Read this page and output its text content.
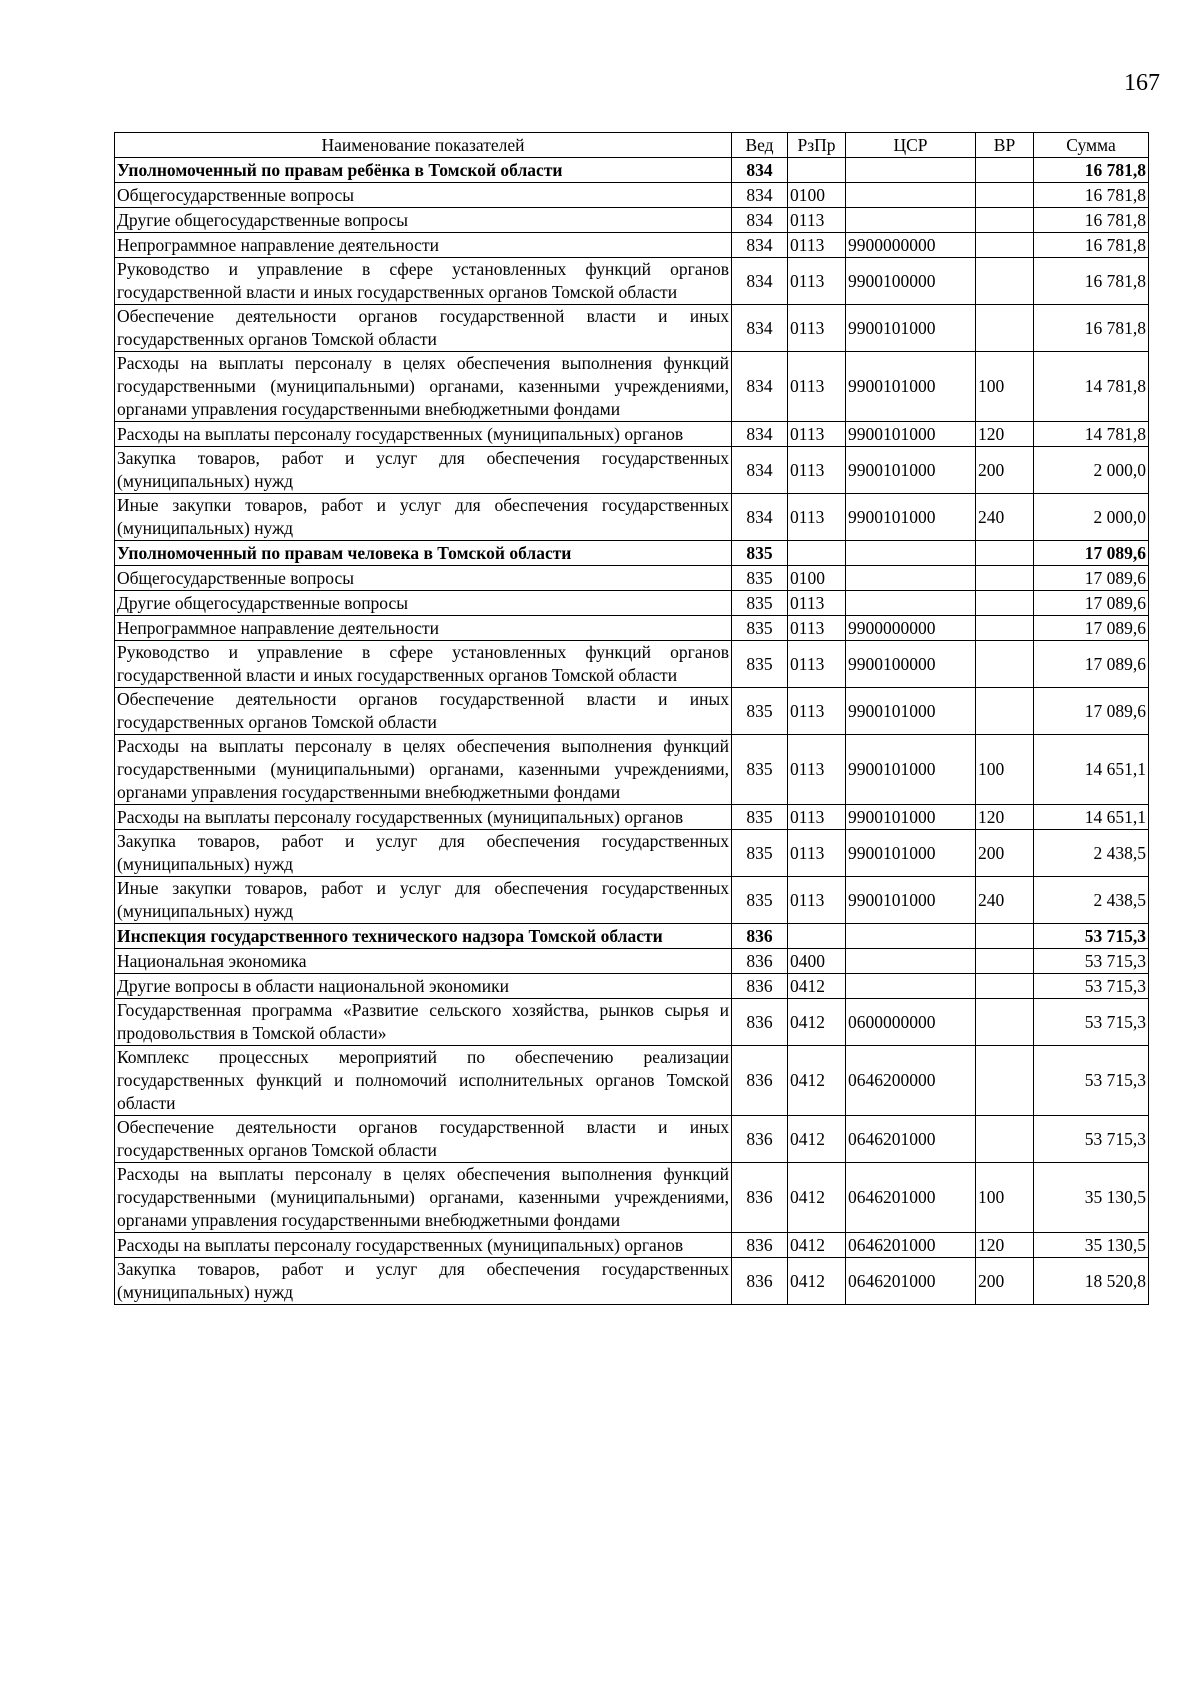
167
Наименование показателей	Вед	РзПр	ЦСР	ВР	Сумма
Уполномоченный по правам ребёнка в Томской области	834				16 781,8
Общегосударственные вопросы	834	0100			16 781,8
Другие общегосударственные вопросы	834	0113			16 781,8
Непрограммное направление деятельности	834	0113	9900000000		16 781,8
Руководство и управление в сфере установленных функций органов государственной власти и иных государственных органов Томской области	834	0113	9900100000		16 781,8
Обеспечение деятельности органов государственной власти и иных государственных органов Томской области	834	0113	9900101000		16 781,8
Расходы на выплаты персоналу в целях обеспечения выполнения функций государственными (муниципальными) органами, казенными учреждениями, органами управления государственными внебюджетными фондами	834	0113	9900101000	100	14 781,8
Расходы на выплаты персоналу государственных (муниципальных) органов	834	0113	9900101000	120	14 781,8
Закупка товаров, работ и услуг для обеспечения государственных (муниципальных) нужд	834	0113	9900101000	200	2 000,0
Иные закупки товаров, работ и услуг для обеспечения государственных (муниципальных) нужд	834	0113	9900101000	240	2 000,0
Уполномоченный по правам человека в Томской области	835				17 089,6
Общегосударственные вопросы	835	0100			17 089,6
Другие общегосударственные вопросы	835	0113			17 089,6
Непрограммное направление деятельности	835	0113	9900000000		17 089,6
Руководство и управление в сфере установленных функций органов государственной власти и иных государственных органов Томской области	835	0113	9900100000		17 089,6
Обеспечение деятельности органов государственной власти и иных государственных органов Томской области	835	0113	9900101000		17 089,6
Расходы на выплаты персоналу в целях обеспечения выполнения функций государственными (муниципальными) органами, казенными учреждениями, органами управления государственными внебюджетными фондами	835	0113	9900101000	100	14 651,1
Расходы на выплаты персоналу государственных (муниципальных) органов	835	0113	9900101000	120	14 651,1
Закупка товаров, работ и услуг для обеспечения государственных (муниципальных) нужд	835	0113	9900101000	200	2 438,5
Иные закупки товаров, работ и услуг для обеспечения государственных (муниципальных) нужд	835	0113	9900101000	240	2 438,5
Инспекция государственного технического надзора Томской области	836				53 715,3
Национальная экономика	836	0400			53 715,3
Другие вопросы в области национальной экономики	836	0412			53 715,3
Государственная программа «Развитие сельского хозяйства, рынков сырья и продовольствия в Томской области»	836	0412	0600000000		53 715,3
Комплекс процессных мероприятий по обеспечению реализации государственных функций и полномочий исполнительных органов Томской области	836	0412	0646200000		53 715,3
Обеспечение деятельности органов государственной власти и иных государственных органов Томской области	836	0412	0646201000		53 715,3
Расходы на выплаты персоналу в целях обеспечения выполнения функций государственными (муниципальными) органами, казенными учреждениями, органами управления государственными внебюджетными фондами	836	0412	0646201000	100	35 130,5
Расходы на выплаты персоналу государственных (муниципальных) органов	836	0412	0646201000	120	35 130,5
Закупка товаров, работ и услуг для обеспечения государственных (муниципальных) нужд	836	0412	0646201000	200	18 520,8
